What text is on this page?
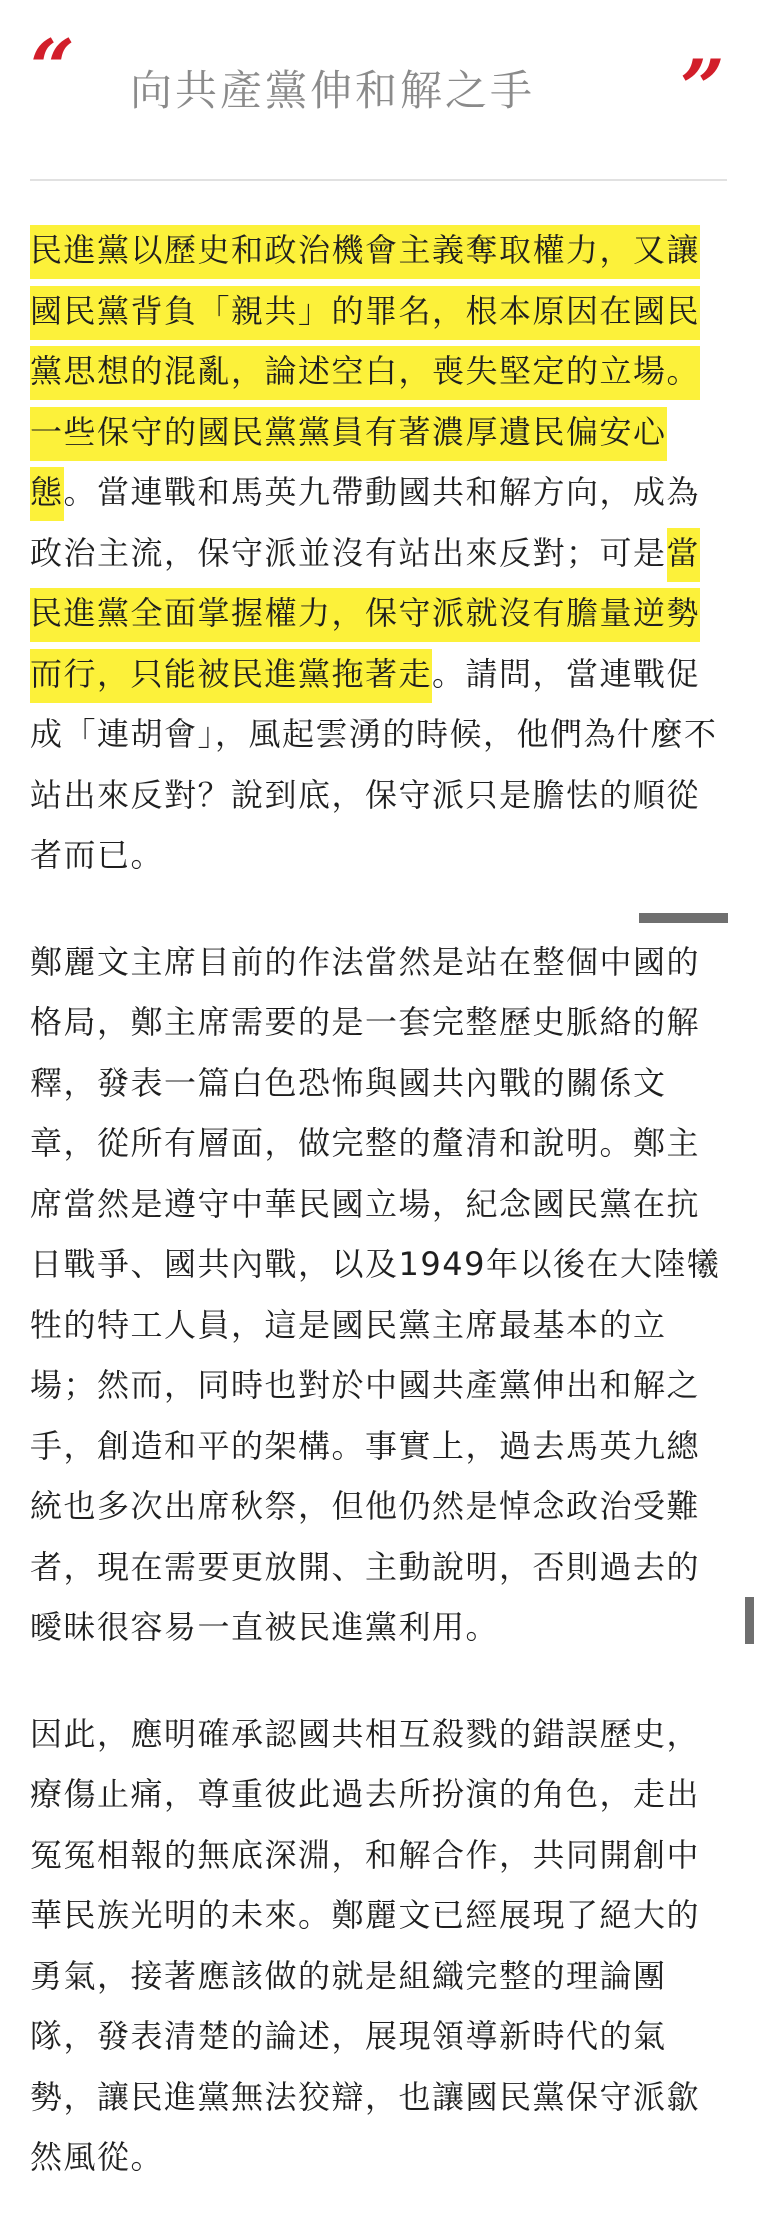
“ 向共產黨伸和解之手 ”

民進黨以歷史和政治機會主義奪取權力，又讓國民黨背負「親共」的罪名，根本原因在國民黨思想的混亂，論述空白，喪失堅定的立場。一些保守的國民黨黨員有著濃厚遺民偏安心態。當連戰和馬英九帶動國共和解方向，成為政治主流，保守派並沒有站出來反對；可是當民進黨全面掌握權力，保守派就沒有膽量逆勢而行，只能被民進黨拖著走。請問，當連戰促成「連胡會」，風起雲湧的時候，他們為什麼不站出來反對？說到底，保守派只是膽怯的順從者而已。

鄭麗文主席目前的作法當然是站在整個中國的格局，鄭主席需要的是一套完整歷史脈絡的解釋，發表一篇白色恐怖與國共內戰的關係文章，從所有層面，做完整的釐清和說明。鄭主席當然是遵守中華民國立場，紀念國民黨在抗日戰爭、國共內戰，以及1949年以後在大陸犧牲的特工人員，這是國民黨主席最基本的立場；然而，同時也對於中國共產黨伸出和解之手，創造和平的架構。事實上，過去馬英九總統也多次出席秋祭，但他仍然是悼念政治受難者，現在需要更放開、主動說明，否則過去的曖昧很容易一直被民進黨利用。

因此，應明確承認國共相互殺戮的錯誤歷史，療傷止痛，尊重彼此過去所扮演的角色，走出冤冤相報的無底深淵，和解合作，共同開創中華民族光明的未來。鄭麗文已經展現了絕大的勇氣，接著應該做的就是組織完整的理論團隊，發表清楚的論述，展現領導新時代的氣勢，讓民進黨無法狡辯，也讓國民黨保守派歙然風從。
